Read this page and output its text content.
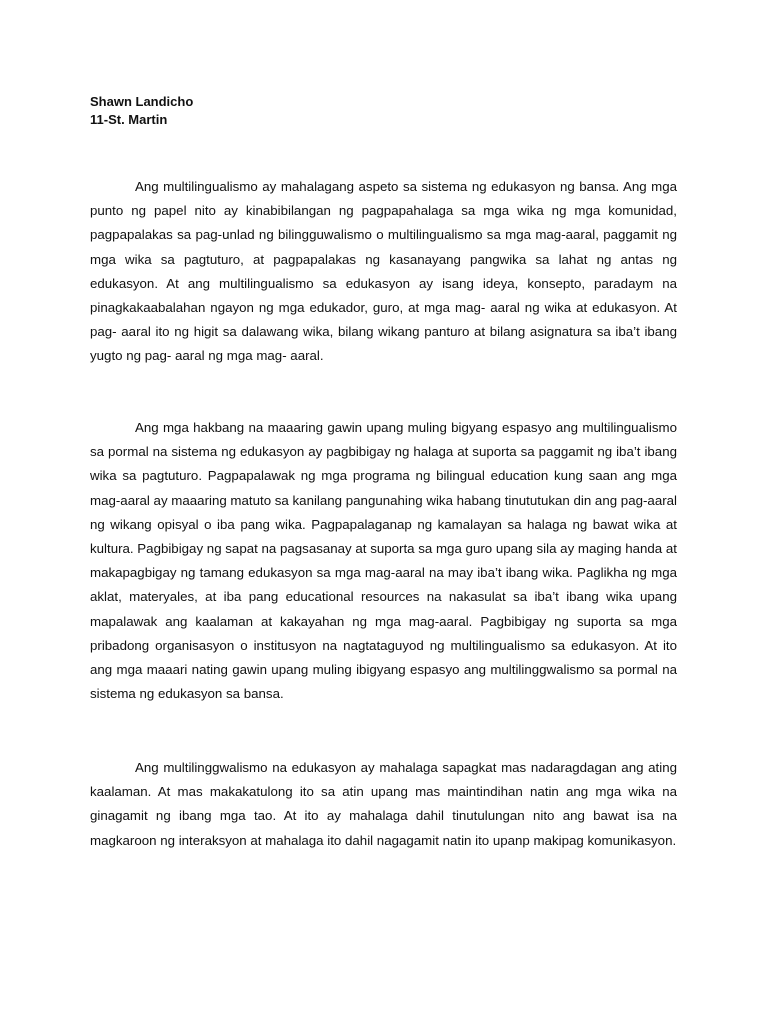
Shawn Landicho
11-St. Martin

Ang multilingualismo ay mahalagang aspeto sa sistema ng edukasyon ng bansa. Ang mga punto ng papel nito ay kinabibilangan ng pagpapahalaga sa mga wika ng mga komunidad, pagpapalakas sa pag-unlad ng bilingguwalismo o multilingualismo sa mga mag-aaral, paggamit ng mga wika sa pagtuturo, at pagpapalakas ng kasanayang pangwika sa lahat ng antas ng edukasyon. At ang multilingualismo sa edukasyon ay isang ideya, konsepto, paradaym na pinagkakaabalahan ngayon ng mga edukador, guro, at mga mag- aaral ng wika at edukasyon. At pag- aaral ito ng higit sa dalawang wika, bilang wikang panturo at bilang asignatura sa iba’t ibang yugto ng pag- aaral ng mga mag- aaral.

Ang mga hakbang na maaaring gawin upang muling bigyang espasyo ang multilingualismo sa pormal na sistema ng edukasyon ay pagbibigay ng halaga at suporta sa paggamit ng iba’t ibang wika sa pagtuturo. Pagpapalawak ng mga programa ng bilingual education kung saan ang mga mag-aaral ay maaaring matuto sa kanilang pangunahing wika habang tinututukan din ang pag-aaral ng wikang opisyal o iba pang wika. Pagpapalaganap ng kamalayan sa halaga ng bawat wika at kultura. Pagbibigay ng sapat na pagsasanay at suporta sa mga guro upang sila ay maging handa at makapagbigay ng tamang edukasyon sa mga mag-aaral na may iba’t ibang wika. Paglikha ng mga aklat, materyales, at iba pang educational resources na nakasulat sa iba’t ibang wika upang mapalawak ang kaalaman at kakayahan ng mga mag-aaral. Pagbibigay ng suporta sa mga pribadong organisasyon o institusyon na nagtataguyod ng multilingualismo sa edukasyon. At ito ang mga maaari nating gawin upang muling ibigyang espasyo ang multilinggwalismo sa pormal na sistema ng edukasyon sa bansa.

Ang multilinggwalismo na edukasyon ay mahalaga sapagkat mas nadaragdagan ang ating kaalaman. At mas makakatulong ito sa atin upang mas maintindihan natin ang mga wika na ginagamit ng ibang mga tao. At ito ay mahalaga dahil tinutulungan nito ang bawat isa na magkaroon ng interaksyon at mahalaga ito dahil nagagamit natin ito upanp makipag komunikasyon.
